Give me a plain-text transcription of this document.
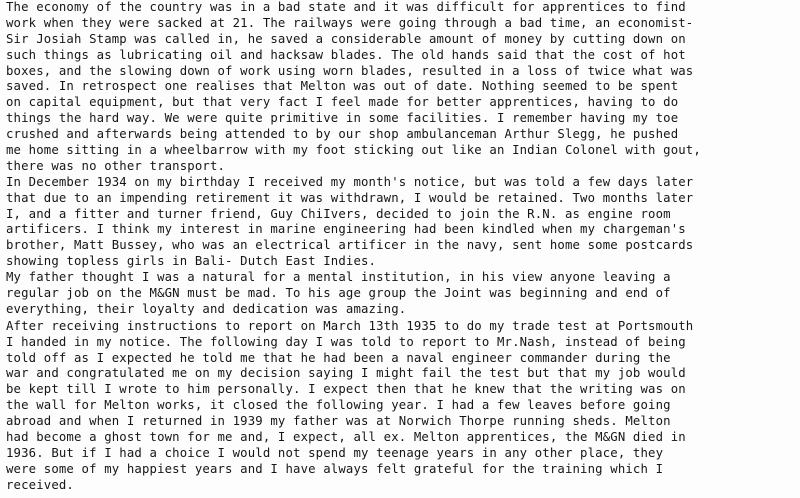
The economy of the country was in a bad state and it was difficult for apprentices to find
work when they were sacked at 21. The railways were going through a bad time, an economist-
Sir Josiah Stamp was called in, he saved a considerable amount of money by cutting down on
such things as lubricating oil and hacksaw blades. The old hands said that the cost of hot
boxes, and the slowing down of work using worn blades, resulted in a loss of twice what was
saved. In retrospect one realises that Melton was out of date. Nothing seemed to be spent
on capital equipment, but that very fact I feel made for better apprentices, having to do
things the hard way. We were quite primitive in some facilities. I remember having my toe
crushed and afterwards being attended to by our shop ambulanceman Arthur Slegg, he pushed
me home sitting in a wheelbarrow with my foot sticking out like an Indian Colonel with gout,
there was no other transport.
In December 1934 on my birthday I received my month's notice, but was told a few days later
that due to an impending retirement it was withdrawn, I would be retained. Two months later
I, and a fitter and turner friend, Guy ChiIvers, decided to join the R.N. as engine room
artificers. I think my interest in marine engineering had been kindled when my chargeman's
brother, Matt Bussey, who was an electrical artificer in the navy, sent home some postcards
showing topless girls in Bali- Dutch East Indies.
My father thought I was a natural for a mental institution, in his view anyone leaving a
regular job on the M&GN must be mad. To his age group the Joint was beginning and end of
everything, their loyalty and dedication was amazing.
After receiving instructions to report on March 13th 1935 to do my trade test at Portsmouth
I handed in my notice. The following day I was told to report to Mr.Nash, instead of being
told off as I expected he told me that he had been a naval engineer commander during the
war and congratulated me on my decision saying I might fail the test but that my job would
be kept till I wrote to him personally. I expect then that he knew that the writing was on
the wall for Melton works, it closed the following year. I had a few leaves before going
abroad and when I returned in 1939 my father was at Norwich Thorpe running sheds. Melton
had become a ghost town for me and, I expect, all ex. Melton apprentices, the M&GN died in
1936. But if I had a choice I would not spend my teenage years in any other place, they
were some of my happiest years and I have always felt grateful for the training which I
received.
